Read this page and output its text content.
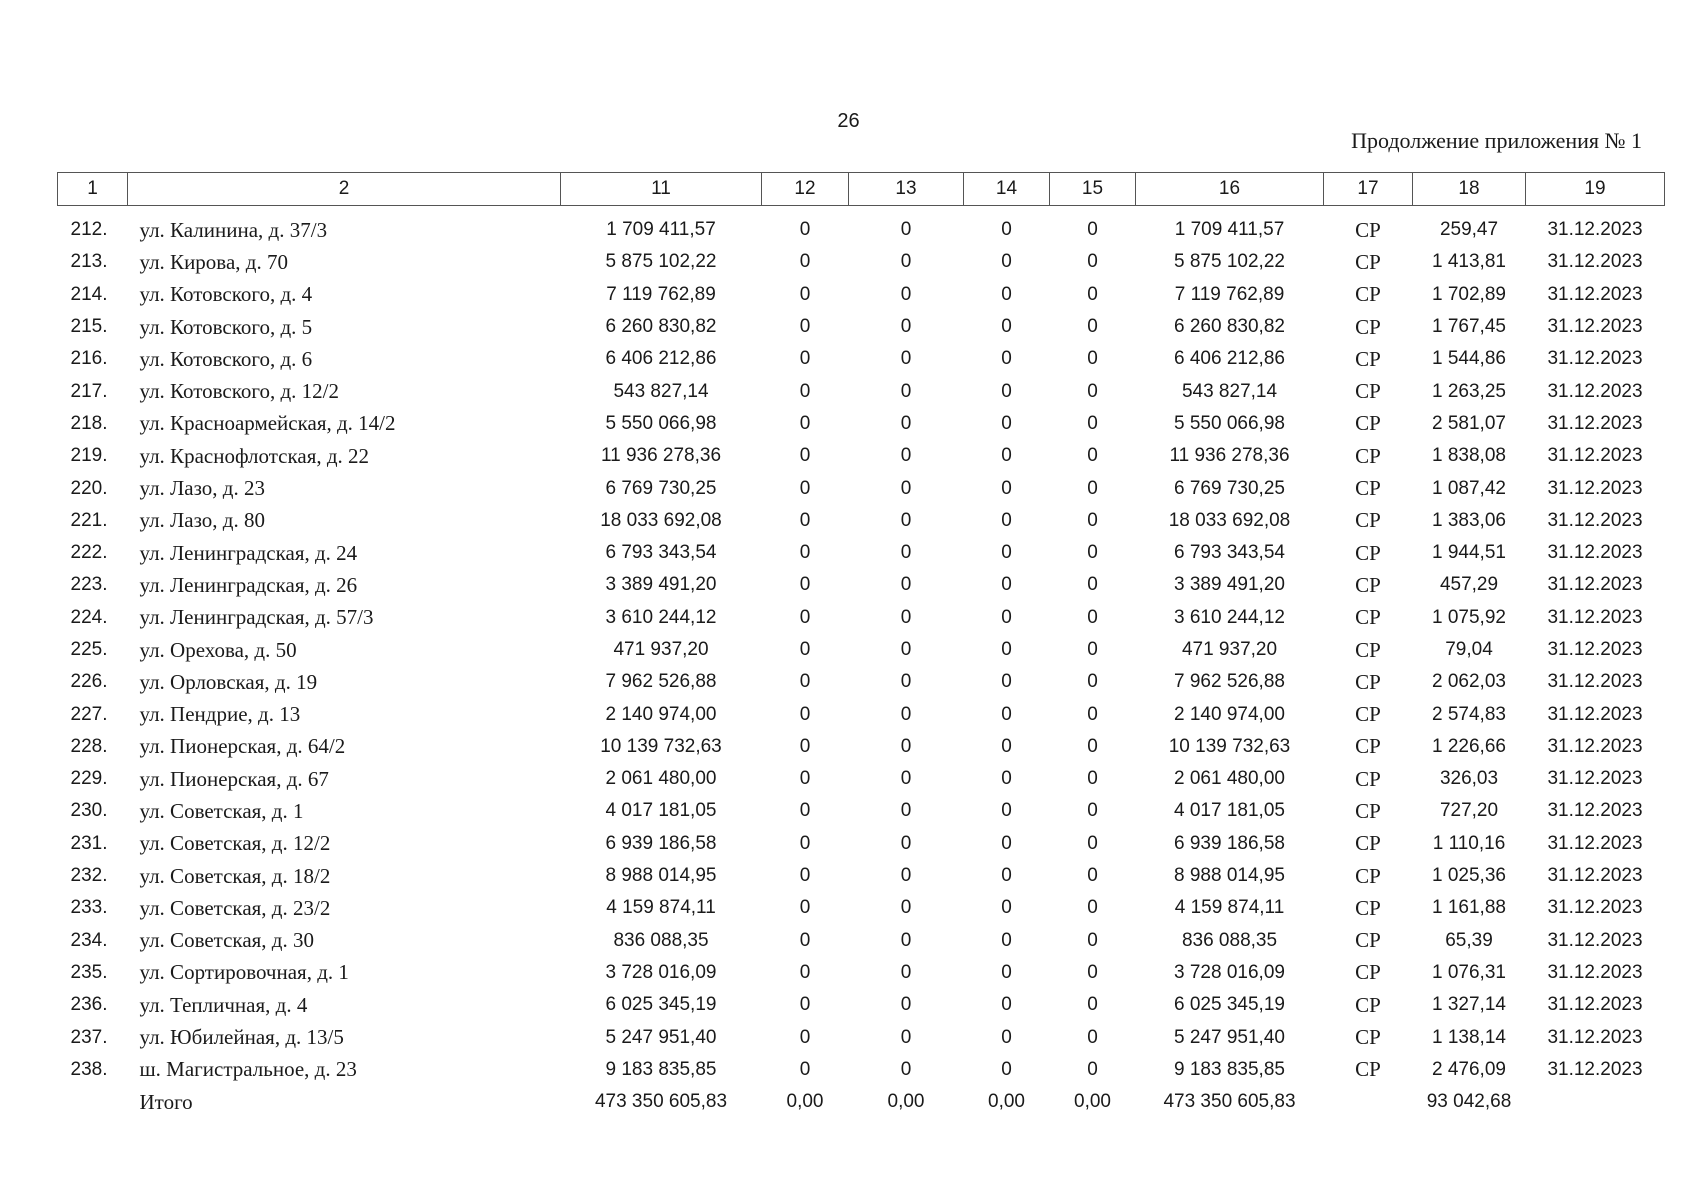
26
Продолжение приложения № 1
1	2	11	12	13	14	15	16	17	18	19

212.	ул. Калинина, д. 37/3	1 709 411,57	0	0	0	0	1 709 411,57	СР	259,47	31.12.2023
213.	ул. Кирова, д. 70	5 875 102,22	0	0	0	0	5 875 102,22	СР	1 413,81	31.12.2023
214.	ул. Котовского, д. 4	7 119 762,89	0	0	0	0	7 119 762,89	СР	1 702,89	31.12.2023
215.	ул. Котовского, д. 5	6 260 830,82	0	0	0	0	6 260 830,82	СР	1 767,45	31.12.2023
216.	ул. Котовского, д. 6	6 406 212,86	0	0	0	0	6 406 212,86	СР	1 544,86	31.12.2023
217.	ул. Котовского, д. 12/2	543 827,14	0	0	0	0	543 827,14	СР	1 263,25	31.12.2023
218.	ул. Красноармейская, д. 14/2	5 550 066,98	0	0	0	0	5 550 066,98	СР	2 581,07	31.12.2023
219.	ул. Краснофлотская, д. 22	11 936 278,36	0	0	0	0	11 936 278,36	СР	1 838,08	31.12.2023
220.	ул. Лазо, д. 23	6 769 730,25	0	0	0	0	6 769 730,25	СР	1 087,42	31.12.2023
221.	ул. Лазо, д. 80	18 033 692,08	0	0	0	0	18 033 692,08	СР	1 383,06	31.12.2023
222.	ул. Ленинградская, д. 24	6 793 343,54	0	0	0	0	6 793 343,54	СР	1 944,51	31.12.2023
223.	ул. Ленинградская, д. 26	3 389 491,20	0	0	0	0	3 389 491,20	СР	457,29	31.12.2023
224.	ул. Ленинградская, д. 57/3	3 610 244,12	0	0	0	0	3 610 244,12	СР	1 075,92	31.12.2023
225.	ул. Орехова, д. 50	471 937,20	0	0	0	0	471 937,20	СР	79,04	31.12.2023
226.	ул. Орловская, д. 19	7 962 526,88	0	0	0	0	7 962 526,88	СР	2 062,03	31.12.2023
227.	ул. Пендрие, д. 13	2 140 974,00	0	0	0	0	2 140 974,00	СР	2 574,83	31.12.2023
228.	ул. Пионерская, д. 64/2	10 139 732,63	0	0	0	0	10 139 732,63	СР	1 226,66	31.12.2023
229.	ул. Пионерская, д. 67	2 061 480,00	0	0	0	0	2 061 480,00	СР	326,03	31.12.2023
230.	ул. Советская, д. 1	4 017 181,05	0	0	0	0	4 017 181,05	СР	727,20	31.12.2023
231.	ул. Советская, д. 12/2	6 939 186,58	0	0	0	0	6 939 186,58	СР	1 110,16	31.12.2023
232.	ул. Советская, д. 18/2	8 988 014,95	0	0	0	0	8 988 014,95	СР	1 025,36	31.12.2023
233.	ул. Советская, д. 23/2	4 159 874,11	0	0	0	0	4 159 874,11	СР	1 161,88	31.12.2023
234.	ул. Советская, д. 30	836 088,35	0	0	0	0	836 088,35	СР	65,39	31.12.2023
235.	ул. Сортировочная, д. 1	3 728 016,09	0	0	0	0	3 728 016,09	СР	1 076,31	31.12.2023
236.	ул. Тепличная, д. 4	6 025 345,19	0	0	0	0	6 025 345,19	СР	1 327,14	31.12.2023
237.	ул. Юбилейная, д. 13/5	5 247 951,40	0	0	0	0	5 247 951,40	СР	1 138,14	31.12.2023
238.	ш. Магистральное, д. 23	9 183 835,85	0	0	0	0	9 183 835,85	СР	2 476,09	31.12.2023
	Итого	473 350 605,83	0,00	0,00	0,00	0,00	473 350 605,83		93 042,68	
